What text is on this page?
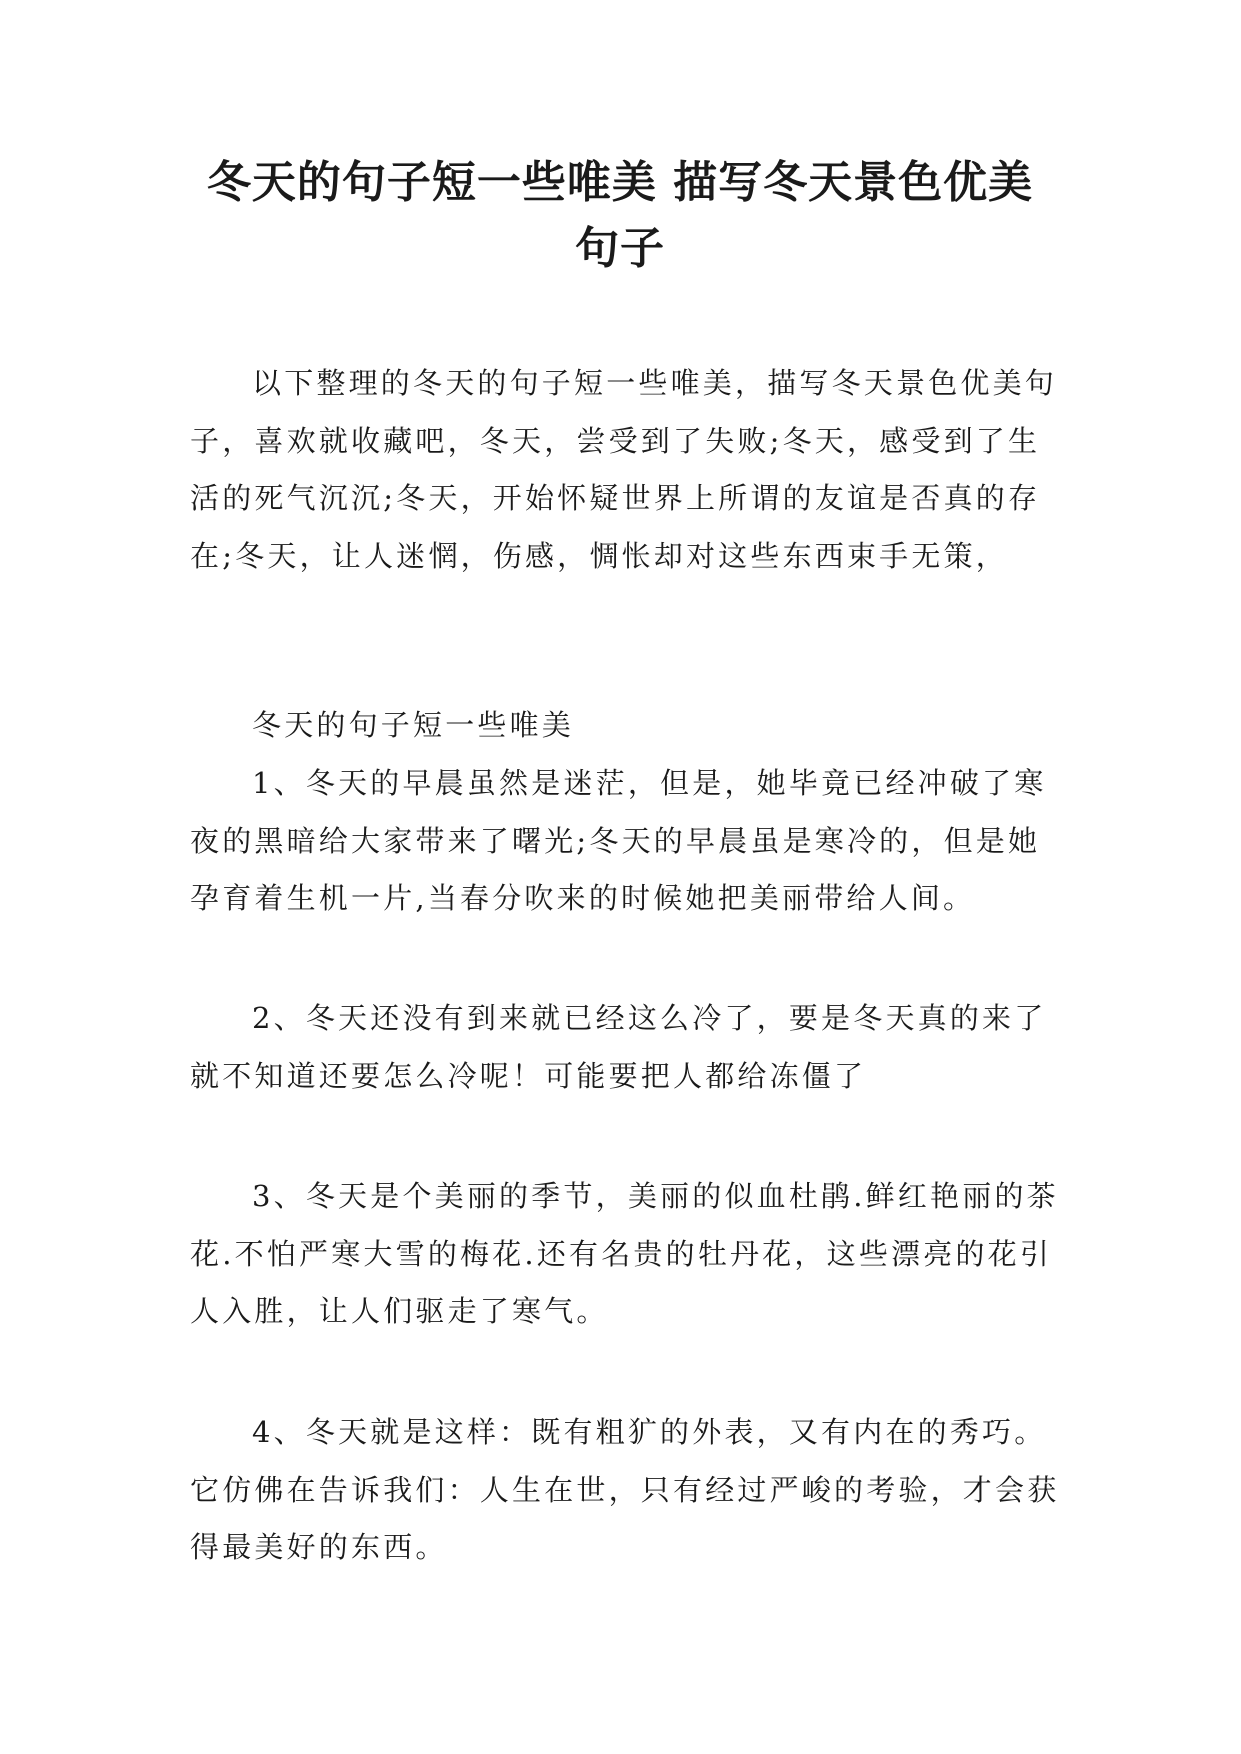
冬天的句子短一些唯美 描写冬天景色优美
句子

以下整理的冬天的句子短一些唯美，描写冬天景色优美句子，喜欢就收藏吧，冬天，尝受到了失败;冬天，感受到了生活的死气沉沉;冬天，开始怀疑世界上所谓的友谊是否真的存在;冬天，让人迷惘，伤感，惆怅却对这些东西束手无策，

冬天的句子短一些唯美

1、冬天的早晨虽然是迷茫，但是，她毕竟已经冲破了寒夜的黑暗给大家带来了曙光;冬天的早晨虽是寒冷的，但是她孕育着生机一片,当春分吹来的时候她把美丽带给人间。

2、冬天还没有到来就已经这么冷了，要是冬天真的来了就不知道还要怎么冷呢！可能要把人都给冻僵了

3、冬天是个美丽的季节，美丽的似血杜鹃.鲜红艳丽的茶花.不怕严寒大雪的梅花.还有名贵的牡丹花，这些漂亮的花引人入胜，让人们驱走了寒气。

4、冬天就是这样：既有粗犷的外表，又有内在的秀巧。它仿佛在告诉我们：人生在世，只有经过严峻的考验，才会获得最美好的东西。
